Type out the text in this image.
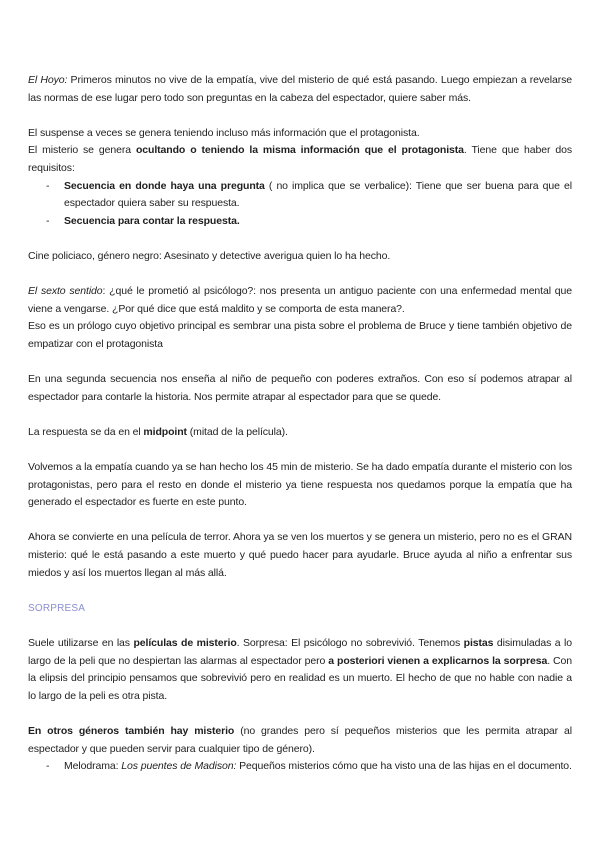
El Hoyo: Primeros minutos no vive de la empatía, vive del misterio de qué está pasando. Luego empiezan a revelarse las normas de ese lugar pero todo son preguntas en la cabeza del espectador, quiere saber más.

El suspense a veces se genera teniendo incluso más información que el protagonista.

El misterio se genera ocultando o teniendo la misma información que el protagonista. Tiene que haber dos requisitos:

- Secuencia en donde haya una pregunta ( no implica que se verbalice): Tiene que ser buena para que el espectador quiera saber su respuesta.
- Secuencia para contar la respuesta.

Cine policiaco, género negro: Asesinato y detective averigua quien lo ha hecho.

El sexto sentido: ¿qué le prometió al psicólogo?: nos presenta un antiguo paciente con una enfermedad mental que viene a vengarse. ¿Por qué dice que está maldito y se comporta de esta manera?.

Eso es un prólogo cuyo objetivo principal es sembrar una pista sobre el problema de Bruce y tiene también objetivo de empatizar con el protagonista

En una segunda secuencia nos enseña al niño de pequeño con poderes extraños. Con eso sí podemos atrapar al espectador para contarle la historia. Nos permite atrapar al espectador para que se quede.

La respuesta se da en el midpoint (mitad de la película).

Volvemos a la empatía cuando ya se han hecho los 45 min de misterio. Se ha dado empatía durante el misterio con los protagonistas, pero para el resto en donde el misterio ya tiene respuesta nos quedamos porque la empatía que ha generado el espectador es fuerte en este punto.

Ahora se convierte en una película de terror. Ahora ya se ven los muertos y se genera un misterio, pero no es el GRAN misterio: qué le está pasando a este muerto y qué puedo hacer para ayudarle. Bruce ayuda al niño a enfrentar sus miedos y así los muertos llegan al más allá.

SORPRESA

Suele utilizarse en las películas de misterio. Sorpresa: El psicólogo no sobrevivió. Tenemos pistas disimuladas a lo largo de la peli que no despiertan las alarmas al espectador pero a posteriori vienen a explicarnos la sorpresa. Con la elipsis del principio pensamos que sobrevivió pero en realidad es un muerto. El hecho de que no hable con nadie a lo largo de la peli es otra pista.

En otros géneros también hay misterio (no grandes pero sí pequeños misterios que les permita atrapar al espectador y que pueden servir para cualquier tipo de género).

- Melodrama: Los puentes de Madison: Pequeños misterios cómo que ha visto una de las hijas en el documento.
